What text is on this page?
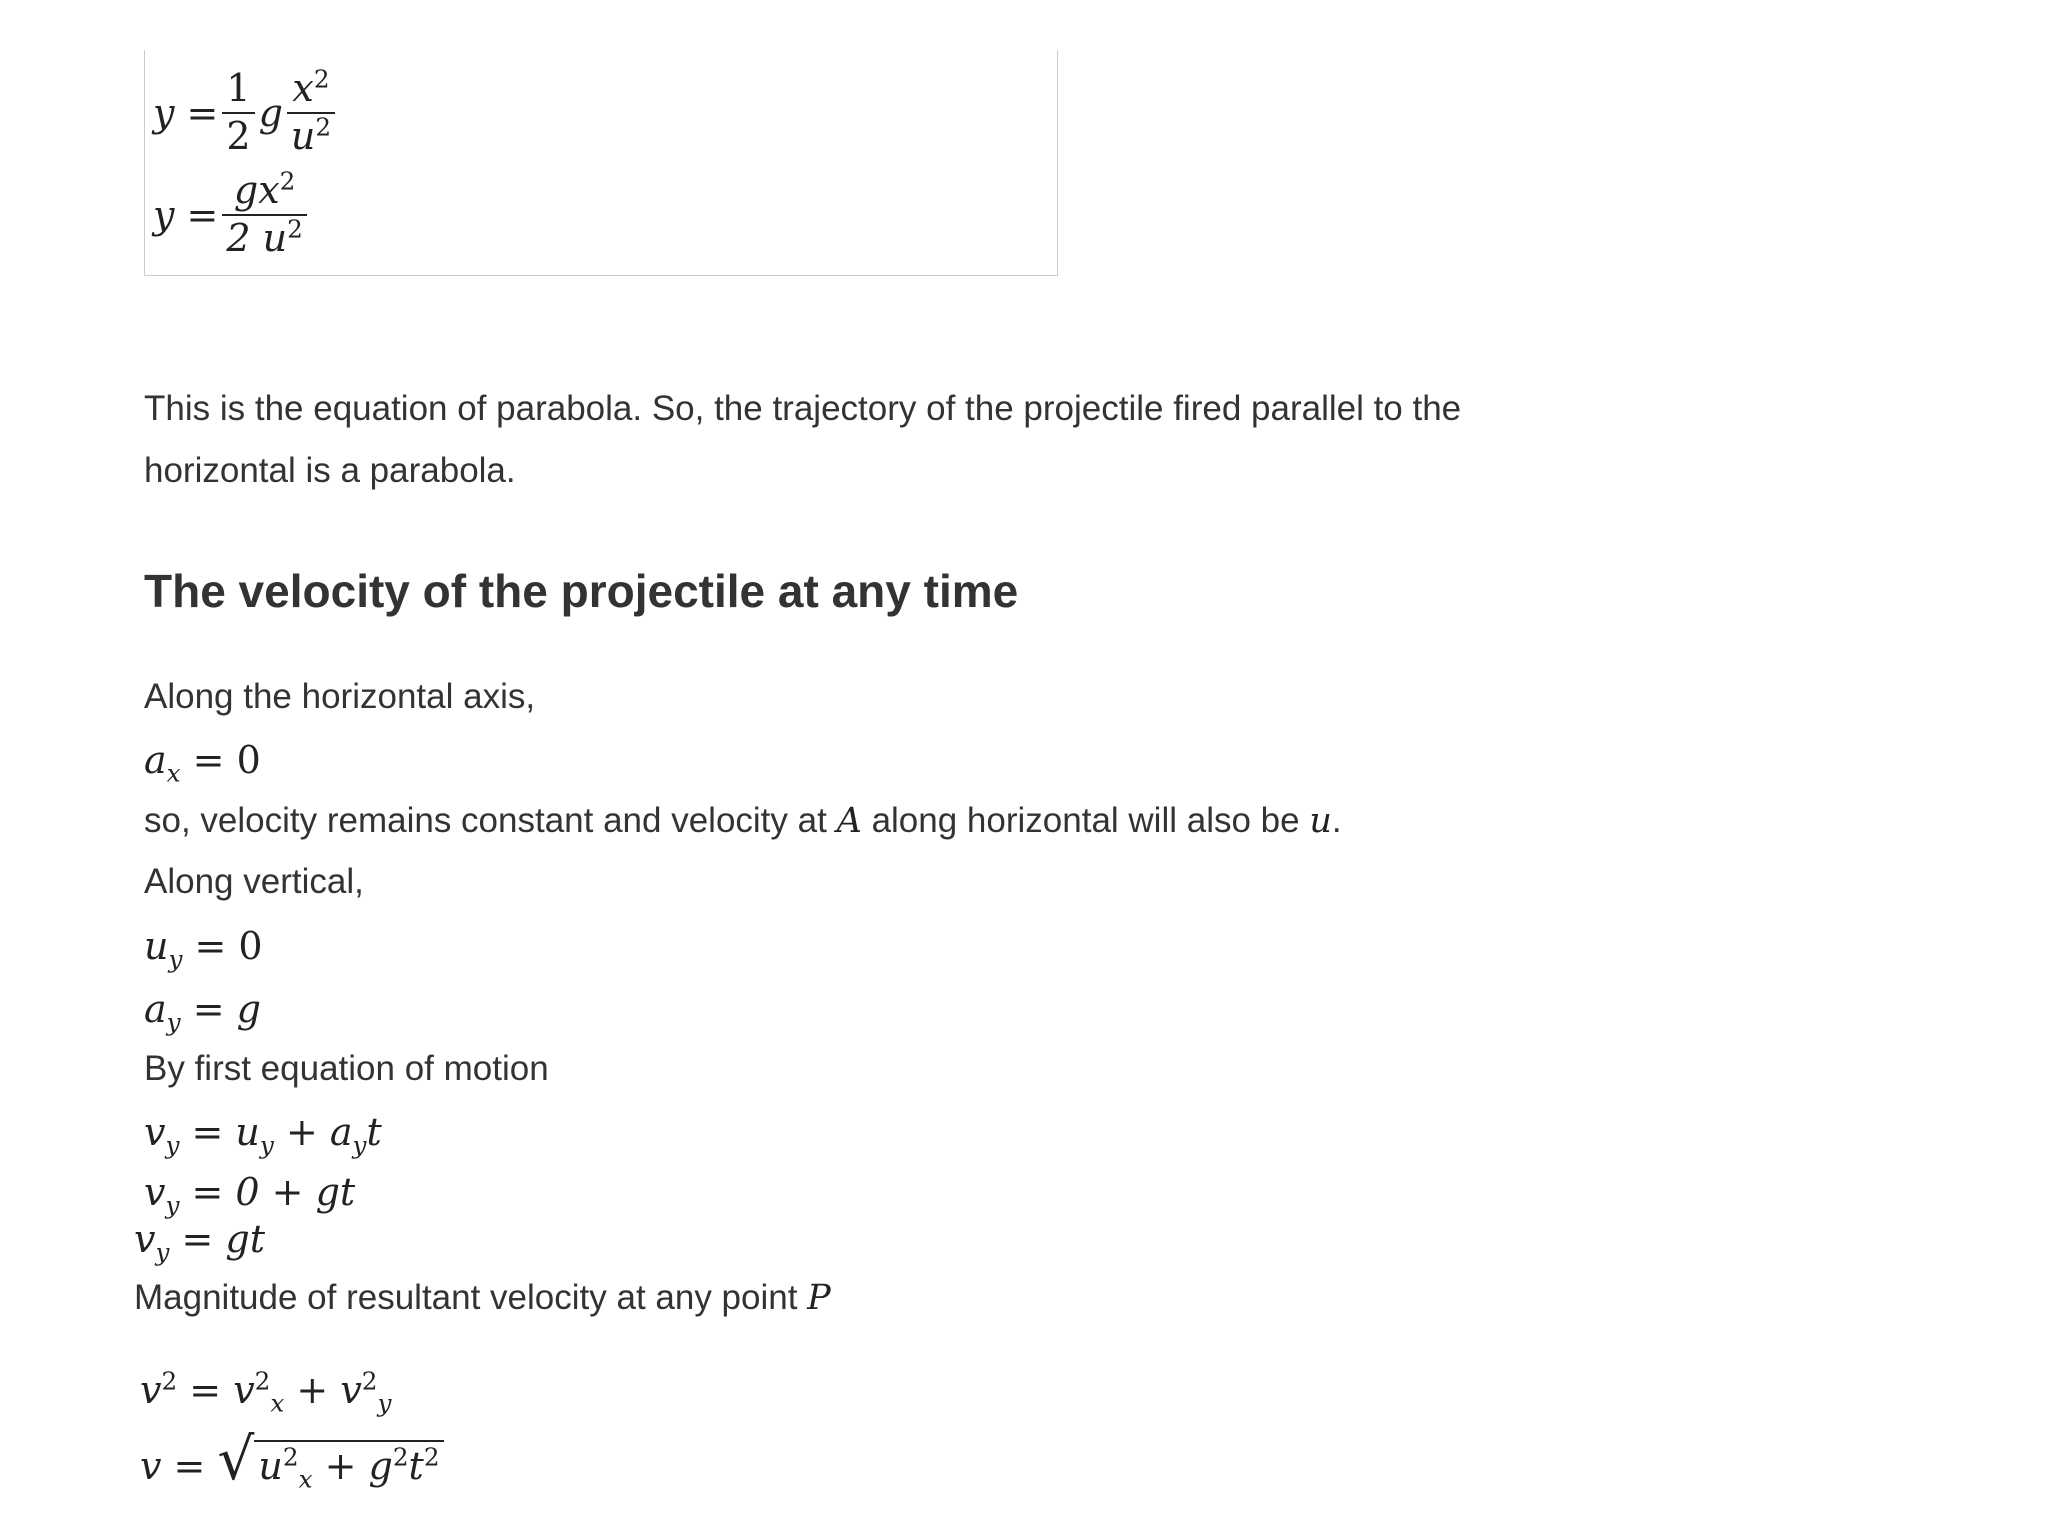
$y = \frac{1}{2}$ g $\frac{x^2}{u^2}$
$y = \frac{gx^2}{2 u^2}$
This is the equation of parabola. So, the trajectory of the projectile fired parallel to the
horizontal is a parabola.
The velocity of the projectile at any time
Along the horizontal axis,
$a_x = 0$
so, velocity remains constant and velocity at A along horizontal will also be u.
Along vertical,
$u_y = 0$
$a_y = g$
By first equation of motion
$v_y = u_y + a_yt$
$v_y = 0$ + gt
$v_y$ = gt
Magnitude of resultant velocity at any point P
$v^2 = v^2_x + v^2_y$
v = √ $u^2_x + g^2t^2$
